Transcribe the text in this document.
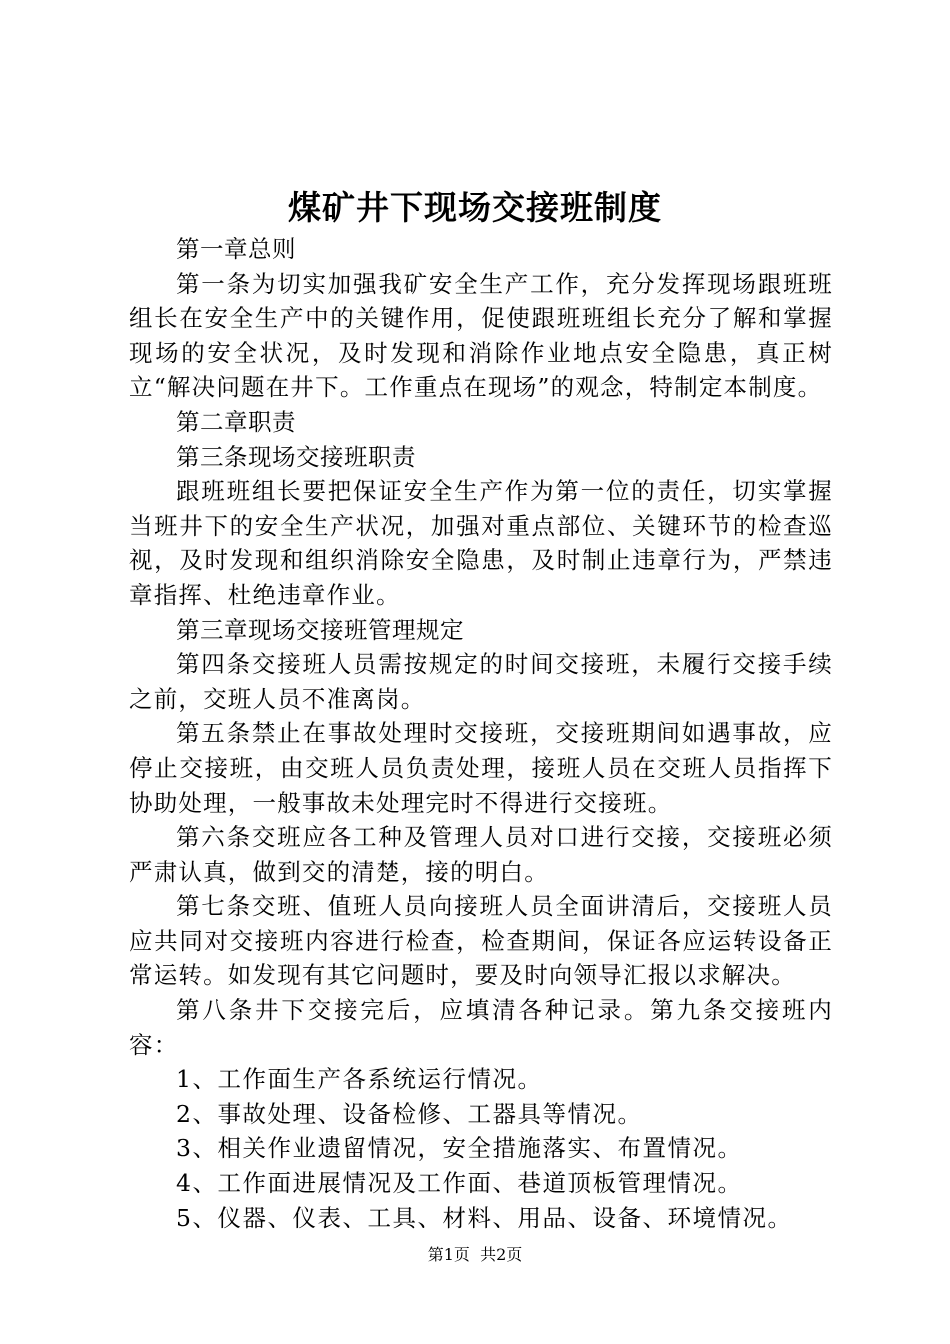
煤矿井下现场交接班制度

第一章总则

第一条为切实加强我矿安全生产工作，充分发挥现场跟班班组长在安全生产中的关键作用，促使跟班班组长充分了解和掌握现场的安全状况，及时发现和消除作业地点安全隐患，真正树立“解决问题在井下。工作重点在现场”的观念，特制定本制度。

第二章职责

第三条现场交接班职责

跟班班组长要把保证安全生产作为第一位的责任，切实掌握当班井下的安全生产状况，加强对重点部位、关键环节的检查巡视，及时发现和组织消除安全隐患，及时制止违章行为，严禁违章指挥、杜绝违章作业。

第三章现场交接班管理规定

第四条交接班人员需按规定的时间交接班，未履行交接手续之前，交班人员不准离岗。

第五条禁止在事故处理时交接班，交接班期间如遇事故，应停止交接班，由交班人员负责处理，接班人员在交班人员指挥下协助处理，一般事故未处理完时不得进行交接班。

第六条交班应各工种及管理人员对口进行交接，交接班必须严肃认真，做到交的清楚，接的明白。

第七条交班、值班人员向接班人员全面讲清后，交接班人员应共同对交接班内容进行检查，检查期间，保证各应运转设备正常运转。如发现有其它问题时，要及时向领导汇报以求解决。

第八条井下交接完后，应填清各种记录。第九条交接班内容：

1、工作面生产各系统运行情况。

2、事故处理、设备检修、工器具等情况。

3、相关作业遗留情况，安全措施落实、布置情况。

4、工作面进展情况及工作面、巷道顶板管理情况。

5、仪器、仪表、工具、材料、用品、设备、环境情况。

第1页 共2页
